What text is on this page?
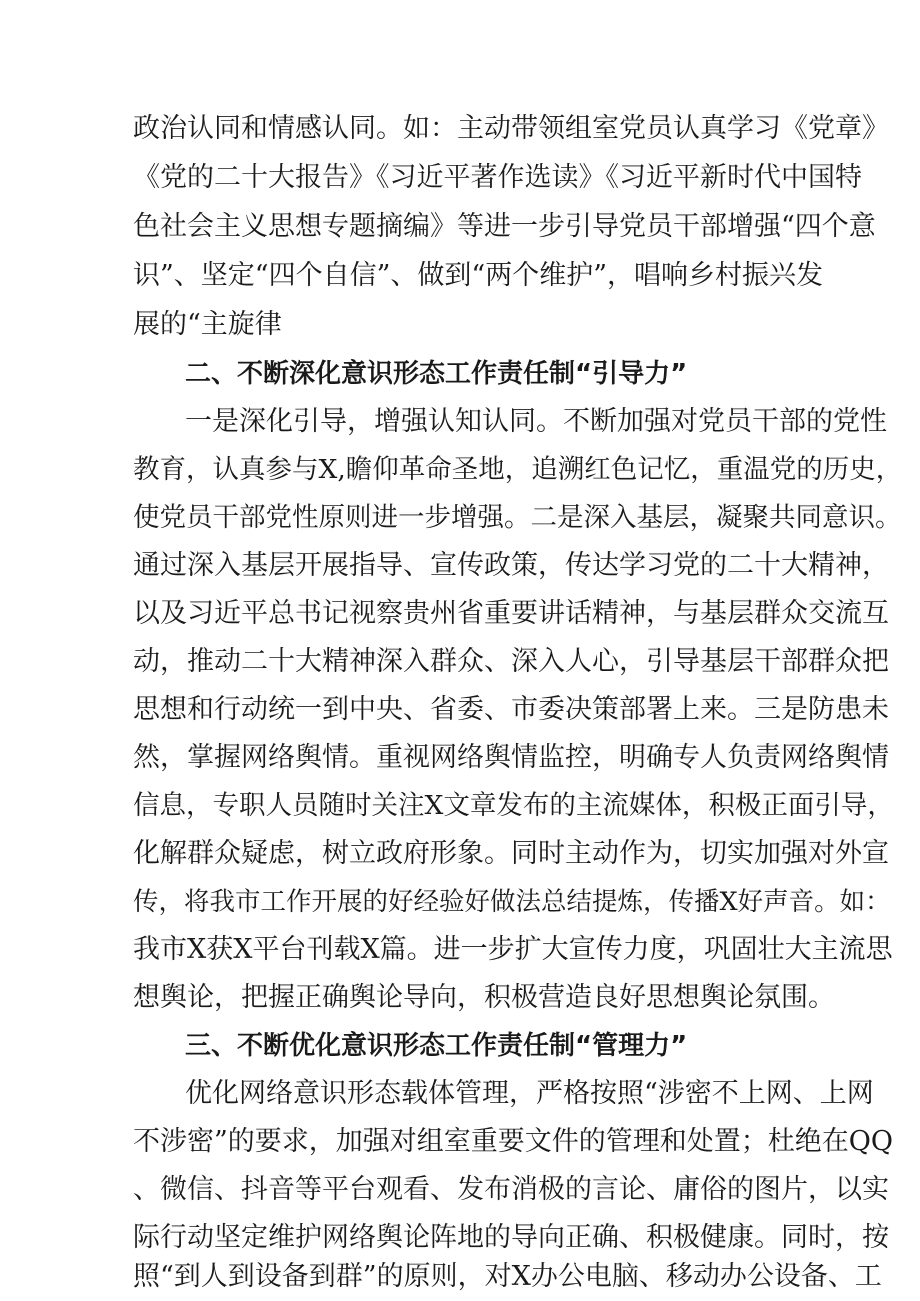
政治认同和情感认同。如：主动带领组室党员认真学习《党章》
《党的二十大报告》《习近平著作选读》《习近平新时代中国特
色社会主义思想专题摘编》等进一步引导党员干部增强“四个意
识”、坚定“四个自信”、做到“两个维护”，唱响乡村振兴发
展的“主旋律
二、不断深化意识形态工作责任制“引导力”
一是深化引导，增强认知认同。不断加强对党员干部的党性
教育，认真参与X,瞻仰革命圣地，追溯红色记忆，重温党的历史，
使党员干部党性原则进一步增强。二是深入基层，凝聚共同意识。
通过深入基层开展指导、宣传政策，传达学习党的二十大精神，
以及习近平总书记视察贵州省重要讲话精神，与基层群众交流互
动，推动二十大精神深入群众、深入人心，引导基层干部群众把
思想和行动统一到中央、省委、市委决策部署上来。三是防患未
然，掌握网络舆情。重视网络舆情监控，明确专人负责网络舆情
信息，专职人员随时关注X文章发布的主流媒体，积极正面引导，
化解群众疑虑，树立政府形象。同时主动作为，切实加强对外宣
传，将我市工作开展的好经验好做法总结提炼，传播X好声音。如：
我市X获X平台刊载X篇。进一步扩大宣传力度，巩固壮大主流思
想舆论，把握正确舆论导向，积极营造良好思想舆论氛围。
三、不断优化意识形态工作责任制“管理力”
优化网络意识形态载体管理，严格按照“涉密不上网、上网
不涉密”的要求，加强对组室重要文件的管理和处置；杜绝在QQ
、微信、抖音等平台观看、发布消极的言论、庸俗的图片，以实
际行动坚定维护网络舆论阵地的导向正确、积极健康。同时，按
照“到人到设备到群”的原则，对X办公电脑、移动办公设备、工
